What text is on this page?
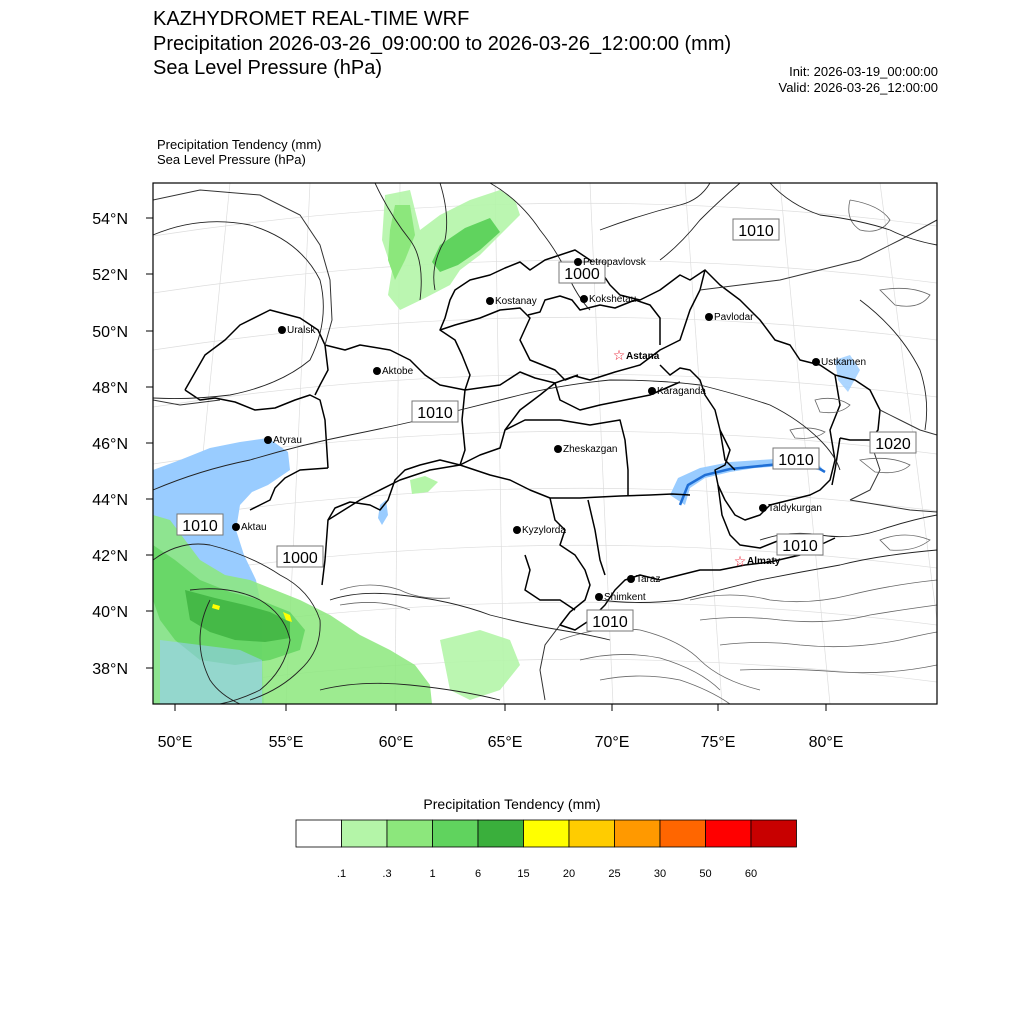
KAZHYDROMET REAL-TIME WRF
Precipitation 2026-03-26_09:00:00 to 2026-03-26_12:00:00 (mm)
Sea Level Pressure (hPa)	Init: 2026-03-19_00:00:00
Valid: 2026-03-26_12:00:00
Precipitation Tendency (mm)
Sea Level Pressure (hPa)
1010
1000
1010
1020
1010
1010
1000
1010
1010
Petropavlovsk
Kostanay	Kokshetau
Pavlodar
Uralsk
☆ Astana
Aktobe
Ustkamen
Karaganda
Atyrau
Zheskazgan
Taldykurgan
Aktau	Kyzylorda
☆ Almaty
Taraz
Shimkent
54°N
52°N
50°N
48°N
46°N
44°N
42°N
40°N
38°N
50°E	55°E	60°E	65°E	70°E	75°E	80°E
.1	.3	1	6	15	20	25	30	50	60
Precipitation Tendency (mm)
